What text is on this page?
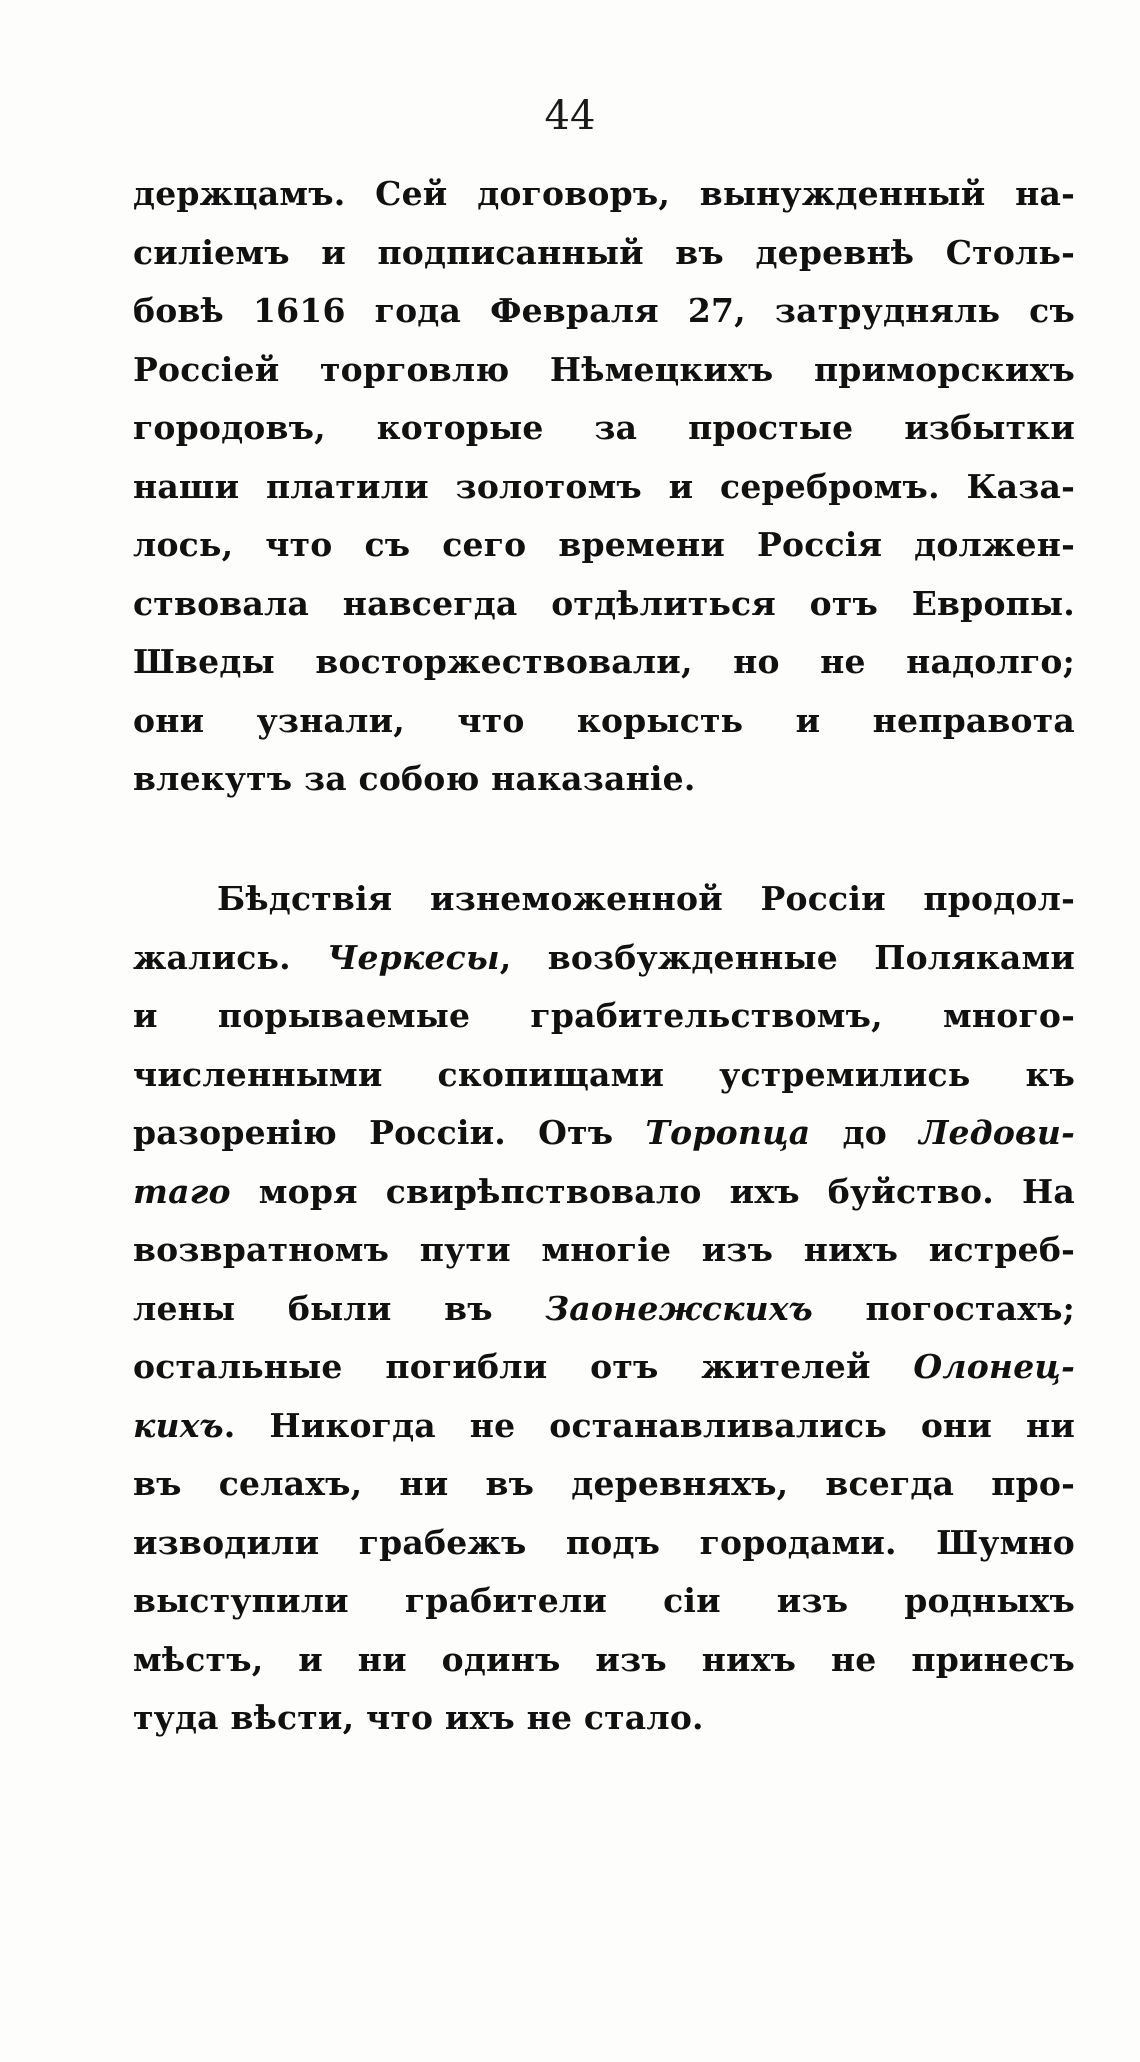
44
держцамъ. Сей договоръ, вынужденный на-
силіемъ и подписанный въ деревнѣ Столь-
бовѣ 1616 года Февраля 27, затрудняль съ
Россіей торговлю Нѣмецкихъ приморскихъ
городовъ, которые за простые избытки
наши платили золотомъ и серебромъ. Каза-
лось, что съ сего времени Россія должен-
ствовала навсегда отдѣлиться отъ Европы.
Шведы восторжествовали, но не надолго;
они узнали, что корысть и неправота
влекутъ за собою наказаніе.
Бѣдствія изнеможенной Россіи продол-
жались. Черкесы, возбужденные Поляками
и порываемые грабительствомъ, много-
численными скопищами устремились къ
разоренію Россіи. Отъ Торопца до Ледови-
таго моря свирѣпствовало ихъ буйство. На
возвратномъ пути многіе изъ нихъ истреб-
лены были въ Заонежскихъ погостахъ;
остальные погибли отъ жителей Олонец-
кихъ. Никогда не останавливались они ни
въ селахъ, ни въ деревняхъ, всегда про-
изводили грабежъ подъ городами. Шумно
выступили грабители сіи изъ родныхъ
мѣстъ, и ни одинъ изъ нихъ не принесъ
туда вѣсти, что ихъ не стало.
